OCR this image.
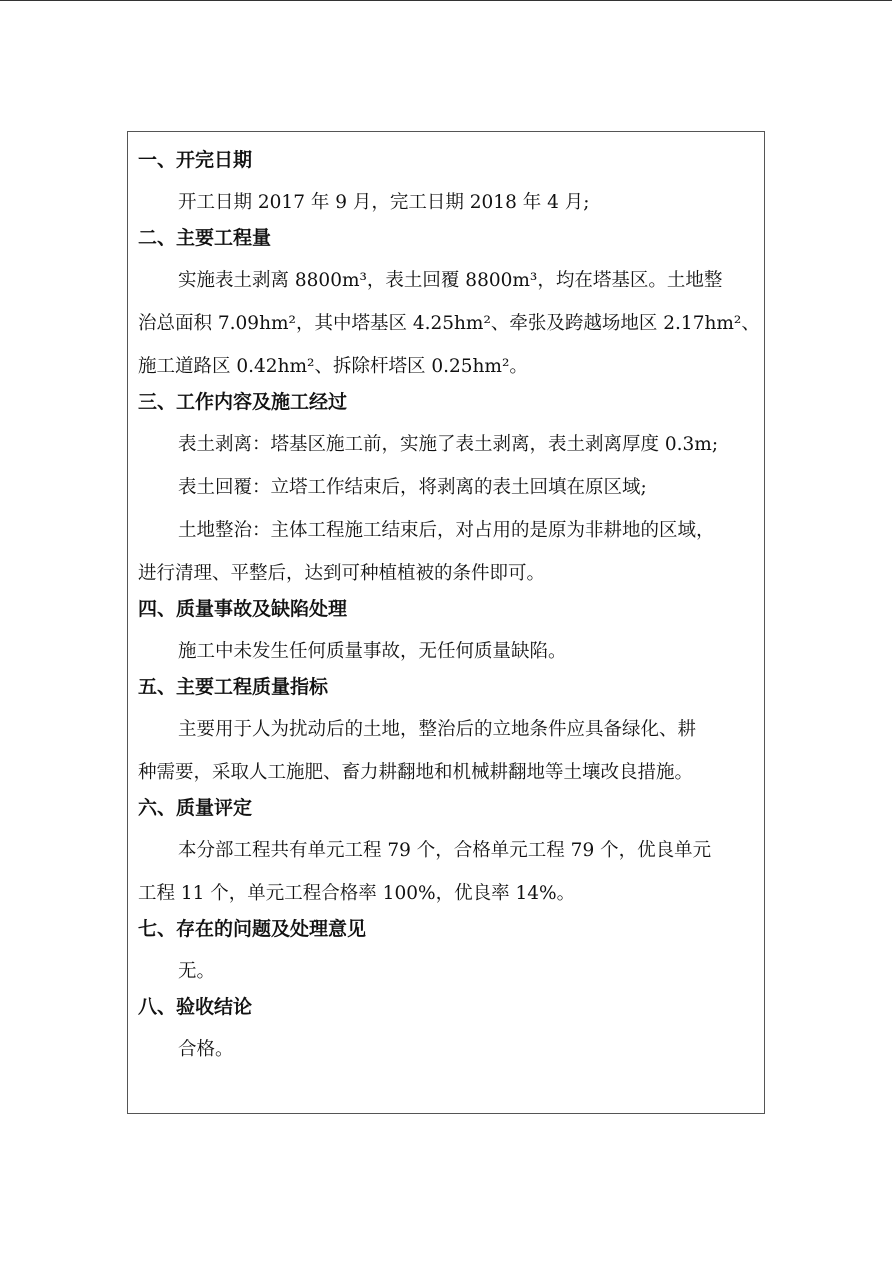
一、开完日期

开工日期 2017 年 9 月，完工日期 2018 年 4 月;

二、主要工程量

实施表土剥离 8800m³，表土回覆 8800m³，均在塔基区。土地整
治总面积 7.09hm²，其中塔基区 4.25hm²、牵张及跨越场地区 2.17hm²、
施工道路区 0.42hm²、拆除杆塔区 0.25hm²。

三、工作内容及施工经过

表土剥离：塔基区施工前，实施了表土剥离，表土剥离厚度 0.3m;

表土回覆：立塔工作结束后，将剥离的表土回填在原区域;

土地整治：主体工程施工结束后，对占用的是原为非耕地的区域，
进行清理、平整后，达到可种植植被的条件即可。

四、质量事故及缺陷处理

施工中未发生任何质量事故，无任何质量缺陷。

五、主要工程质量指标

主要用于人为扰动后的土地，整治后的立地条件应具备绿化、耕
种需要，采取人工施肥、畜力耕翻地和机械耕翻地等土壤改良措施。

六、质量评定

本分部工程共有单元工程 79 个，合格单元工程 79 个，优良单元
工程 11 个，单元工程合格率 100%，优良率 14%。

七、存在的问题及处理意见

无。

八、验收结论

合格。
